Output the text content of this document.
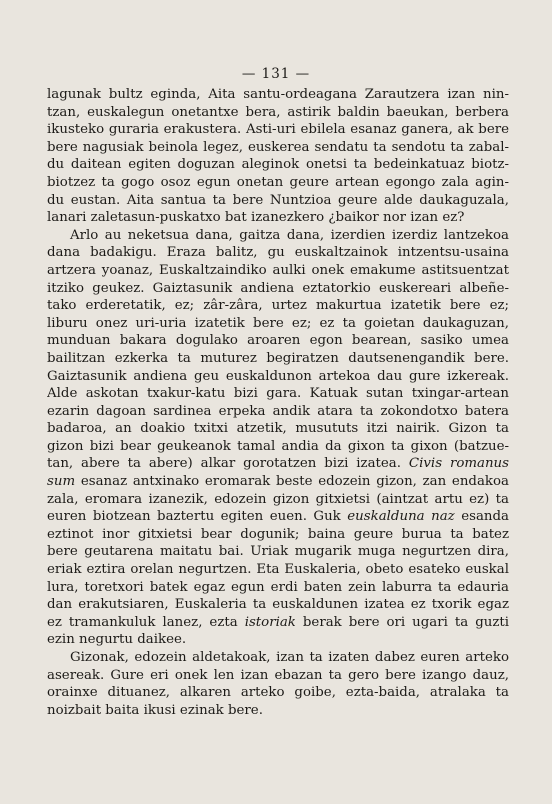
— 131 —
lagunak bultz eginda, Aita santu-ordeagana Zarautzera izan nin-
tzan, euskalegun onetantxe bera, astirik baldin baeukan, berbera
ikusteko guraria erakustera. Asti-uri ebilela esanaz ganera, ak bere
bere nagusiak beinola legez, euskerea sendatu ta sendotu ta zabal-
du daitean egiten doguzan aleginok onetsi ta bedeinkatuaz biotz-
biotzez ta gogo osoz egun onetan geure artean egongo zala agin-
du eustan. Aita santua ta bere Nuntzioa geure alde daukaguzala,
lanari zaletasun-puskatxo bat izanezkero ¿baikor nor izan ez?
Arlo au neketsua dana, gaitza dana, izerdien izerdiz lantzekoa
dana badakigu. Eraza balitz, gu euskaltzainok intzentsu-usaina
artzera yoanaz, Euskaltzaindiko aulki onek emakume astitsuentzat
itziko geukez. Gaiztasunik andiena eztatorkio euskereari albeñe-
tako erderetatik, ez; zâr-zâra, urtez makurtua izatetik bere ez;
liburu onez uri-uria izatetik bere ez; ez ta goietan daukaguzan,
munduan bakara dogulako aroaren egon bearean, sasiko umea
bailitzan ezkerka ta muturez begiratzen dautsenengandik bere.
Gaiztasunik andiena geu euskaldunon artekoa dau gure izkereak.
Alde askotan txakur-katu bizi gara. Katuak sutan txingar-artean
ezarin dagoan sardinea erpeka andik atara ta zokondotxo batera
badaroa, an doakio txitxi atzetik, musututs itzi nairik. Gizon ta
gizon bizi bear geukeanok tamal andia da gixon ta gixon (batzue-
tan, abere ta abere) alkar gorotatzen bizi izatea. Civis romanus
sum esanaz antxinako eromarak beste edozein gizon, zan endakoa
zala, eromara izanezik, edozein gizon gitxietsi (aintzat artu ez) ta
euren biotzean baztertu egiten euen. Guk euskalduna naz esanda
eztinot inor gitxietsi bear dogunik; baina geure burua ta batez
bere geutarena maitatu bai. Uriak mugarik muga negurtzen dira,
eriak eztira orelan negurtzen. Eta Euskaleria, obeto esateko euskal
lura, toretxori batek egaz egun erdi baten zein laburra ta edauria
dan erakutsiaren, Euskaleria ta euskaldunen izatea ez txorik egaz
ez tramankuluk lanez, ezta istoriak berak bere ori ugari ta guzti
ezin negurtu daikee.
Gizonak, edozein aldetakoak, izan ta izaten dabez euren arteko
asereak. Gure eri onek len izan ebazan ta gero bere izango dauz,
orainxe dituanez, alkaren arteko goibe, ezta-baida, atralaka ta
noizbait baita ikusi ezinak bere.
